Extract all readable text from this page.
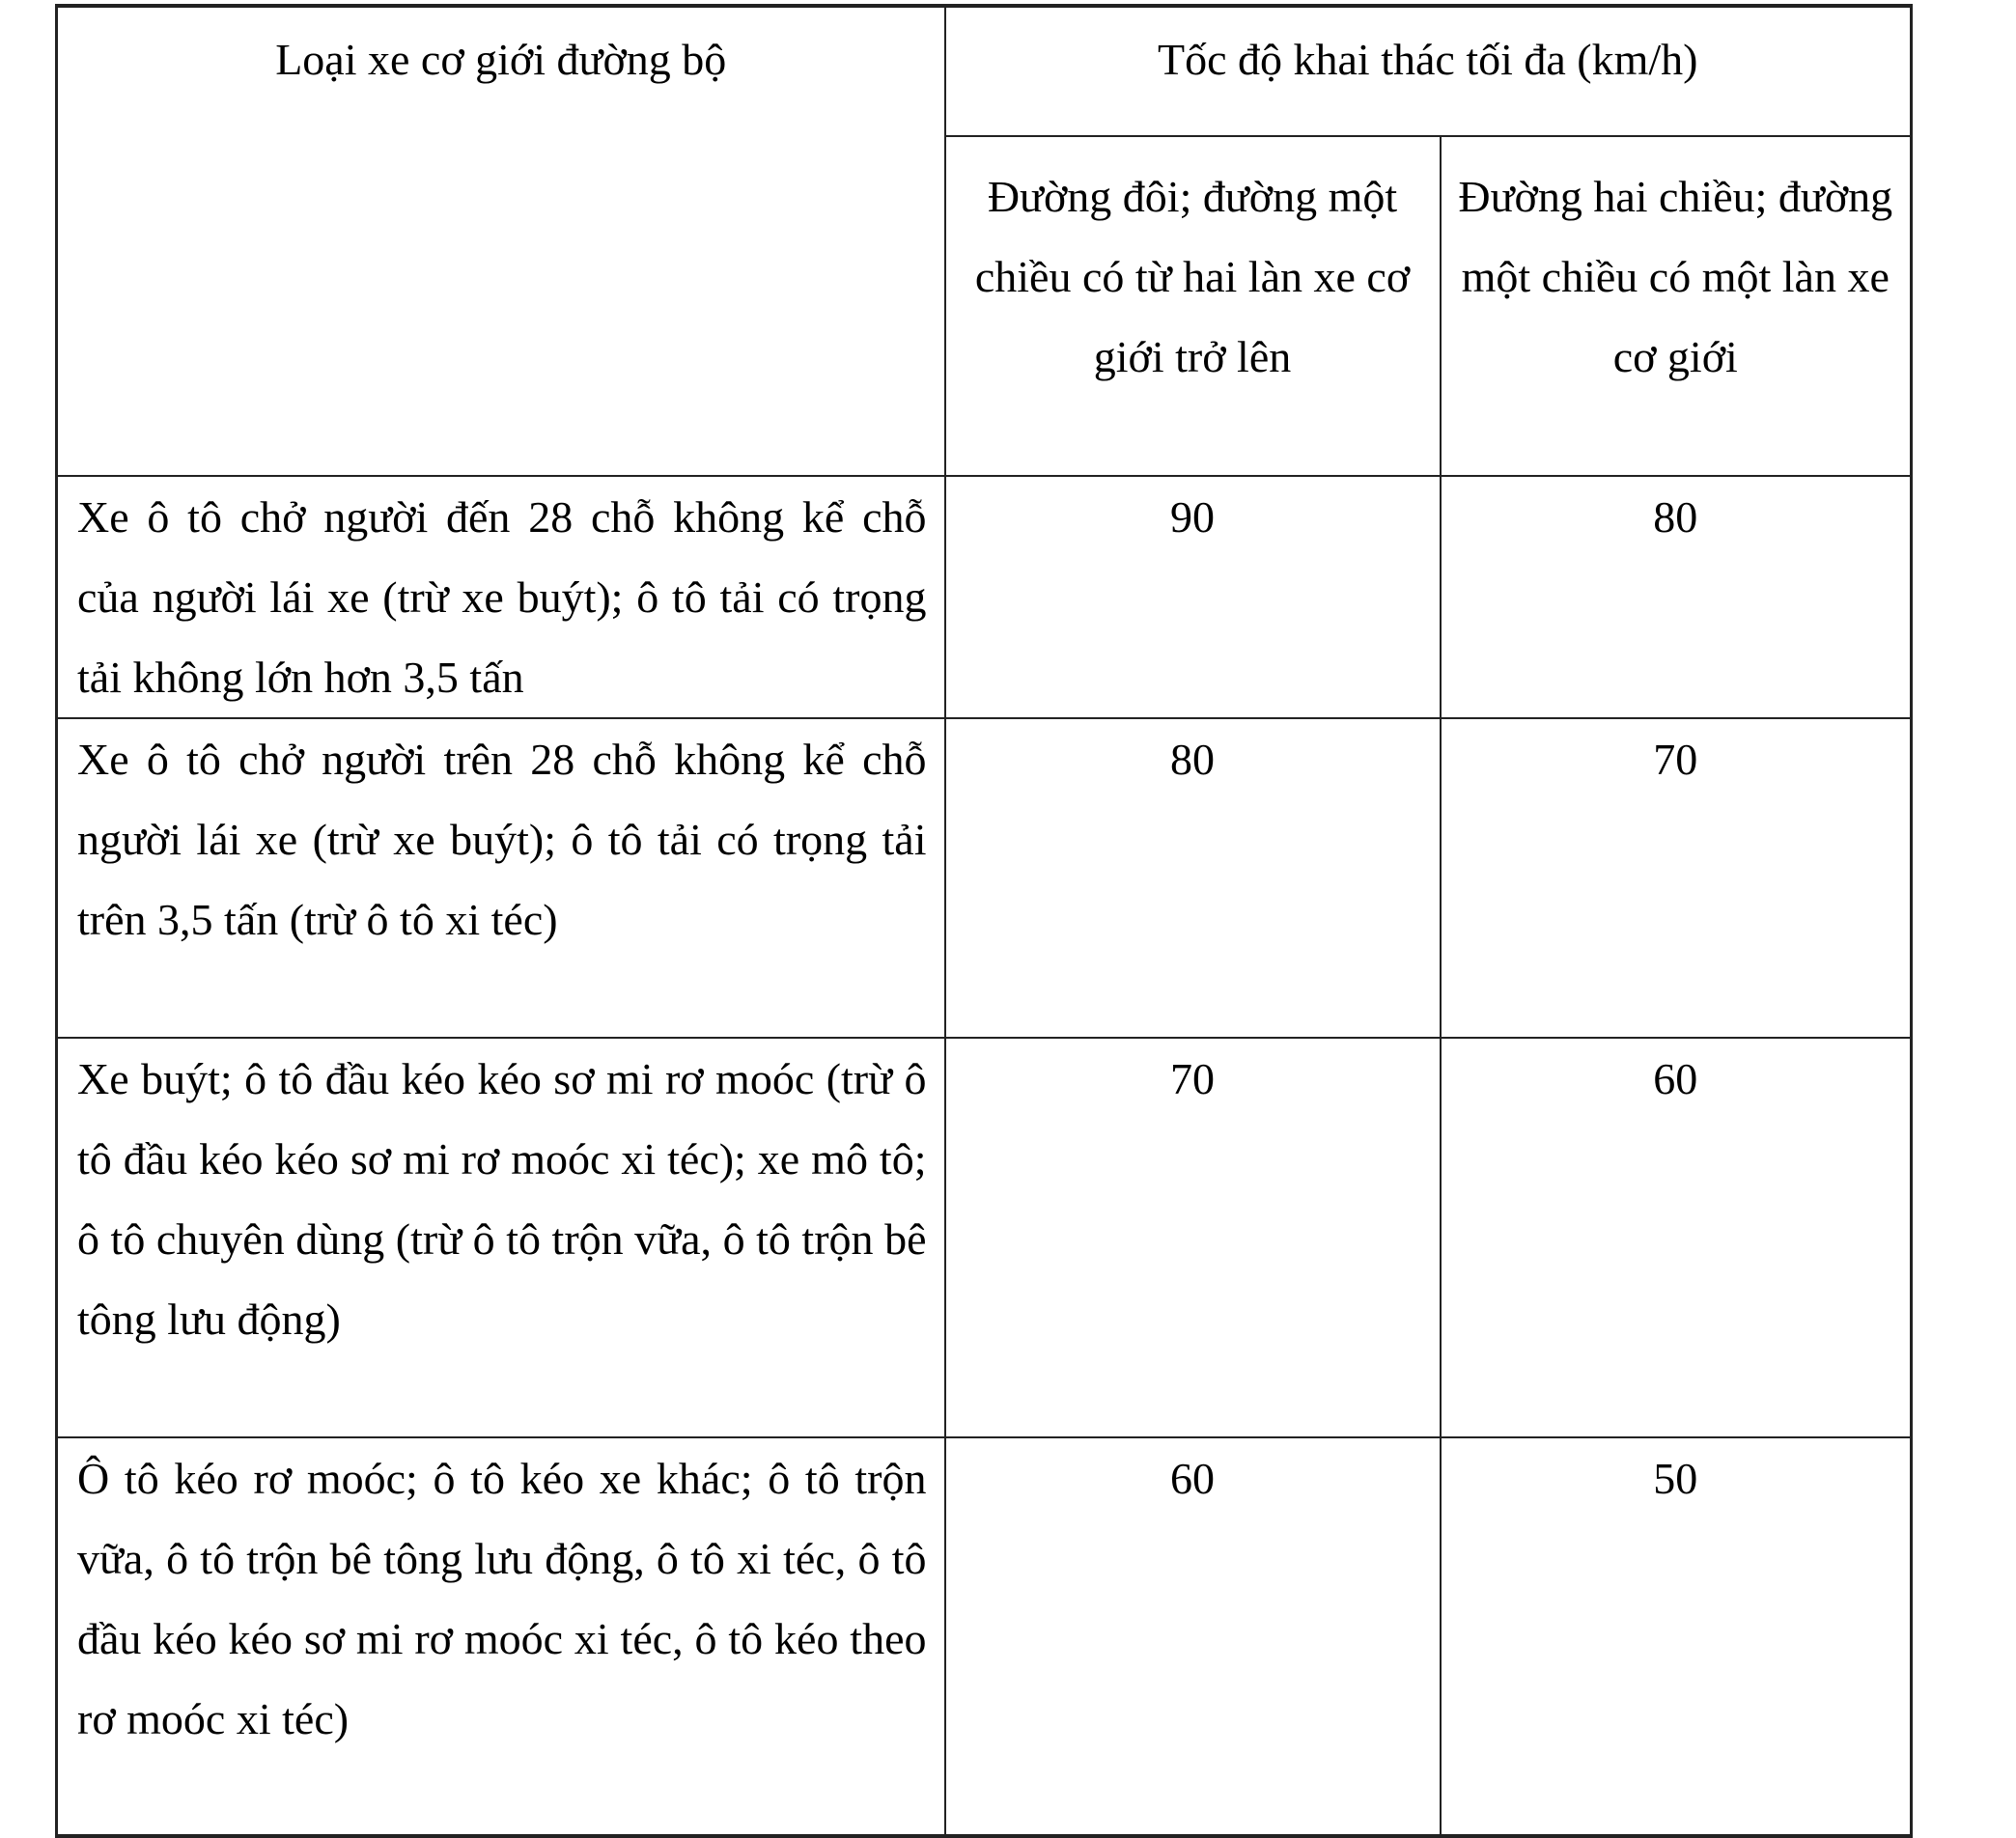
Loại xe cơ giới đường bộ	Tốc độ khai thác tối đa (km/h)	
	Đường đôi; đường một chiều có từ hai làn xe cơ giới trở lên	Đường hai chiều; đường một chiều có một làn xe cơ giới
Xe ô tô chở người đến 28 chỗ không kể chỗ của người lái xe (trừ xe buýt); ô tô tải có trọng tải không lớn hơn 3,5 tấn	90	80
Xe ô tô chở người trên 28 chỗ không kể chỗ người lái xe (trừ xe buýt); ô tô tải có trọng tải trên 3,5 tấn (trừ ô tô xi téc)	80	70
Xe buýt; ô tô đầu kéo kéo sơ mi rơ moóc (trừ ô tô đầu kéo kéo sơ mi rơ moóc xi téc); xe mô tô; ô tô chuyên dùng (trừ ô tô trộn vữa, ô tô trộn bê tông lưu động)	70	60
Ô tô kéo rơ moóc; ô tô kéo xe khác; ô tô trộn vữa, ô tô trộn bê tông lưu động, ô tô xi téc, ô tô đầu kéo kéo sơ mi rơ moóc xi téc, ô tô kéo theo rơ moóc xi téc)	60	50
